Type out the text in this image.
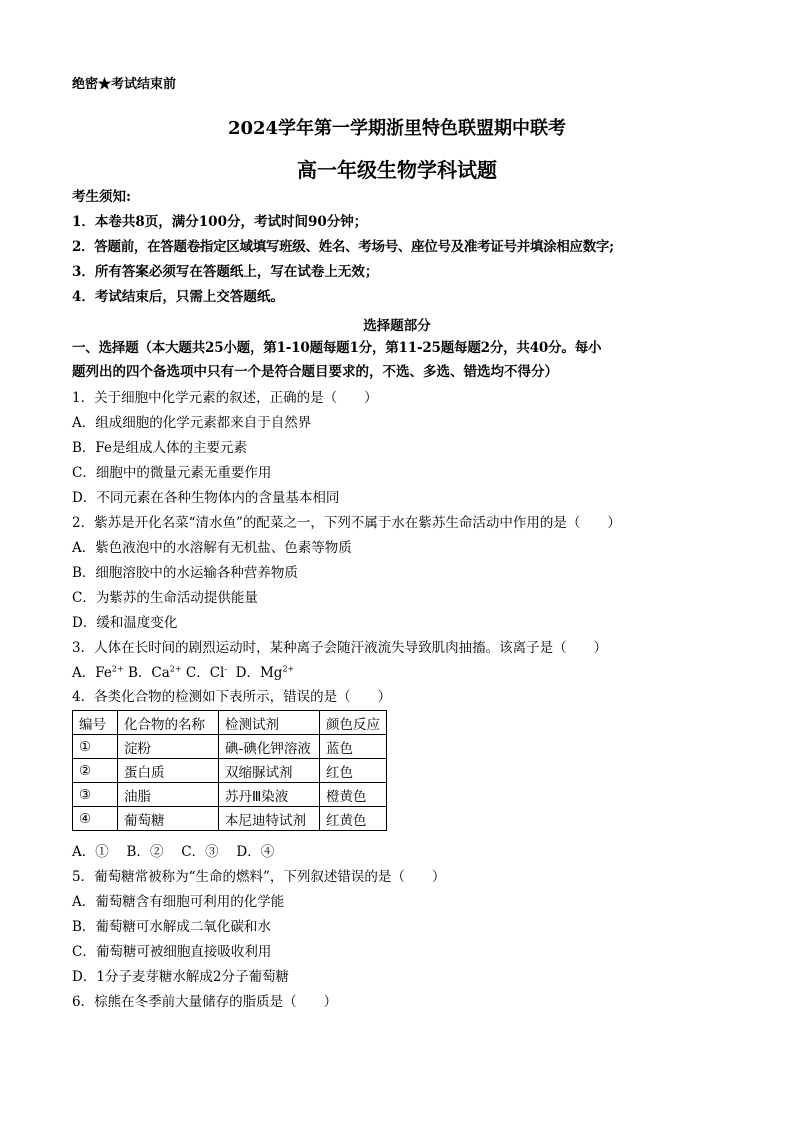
绝密★考试结束前
2024学年第一学期浙里特色联盟期中联考
高一年级生物学科试题
考生须知:
1．本卷共8页，满分100分，考试时间90分钟；
2．答题前，在答题卷指定区域填写班级、姓名、考场号、座位号及准考证号并填涂相应数字;
3．所有答案必须写在答题纸上，写在试卷上无效；
4．考试结束后，只需上交答题纸。
选择题部分
一、选择题（本大题共25小题，第1-10题每题1分，第11-25题每题2分，共40分。每小
题列出的四个备选项中只有一个是符合题目要求的，不选、多选、错选均不得分）
1．关于细胞中化学元素的叙述，正确的是（　　）
A．组成细胞的化学元素都来自于自然界
B．Fe是组成人体的主要元素
C．细胞中的微量元素无重要作用
D．不同元素在各种生物体内的含量基本相同
2．紫苏是开化名菜“清水鱼”的配菜之一，下列不属于水在紫苏生命活动中作用的是（　　）
A．紫色液泡中的水溶解有无机盐、色素等物质
B．细胞溶胶中的水运输各种营养物质
C．为紫苏的生命活动提供能量
D．缓和温度变化
3．人体在长时间的剧烈运动时，某种离子会随汗液流失导致肌肉抽搐。该离子是（　　）
A．$Fe^{2+}$ B．$Ca^{2+}$ C．Cl- D．$Mg^{2+}$
4．各类化合物的检测如下表所示，错误的是（　　）
编号	化合物的名称	检测试剂	颜色反应
①	淀粉	碘-碘化钾溶液	蓝色
②	蛋白质	双缩脲试剂	红色
③	油脂	苏丹Ⅲ染液	橙黄色
④	葡萄糖	本尼迪特试剂	红黄色
A．①　 B．②　 C．③　 D．④
5．葡萄糖常被称为“生命的燃料”，下列叙述错误的是（　　）
A．葡萄糖含有细胞可利用的化学能
B．葡萄糖可水解成二氧化碳和水
C．葡萄糖可被细胞直接吸收利用
D．1分子麦芽糖水解成2分子葡萄糖
6．棕熊在冬季前大量储存的脂质是（　　）
